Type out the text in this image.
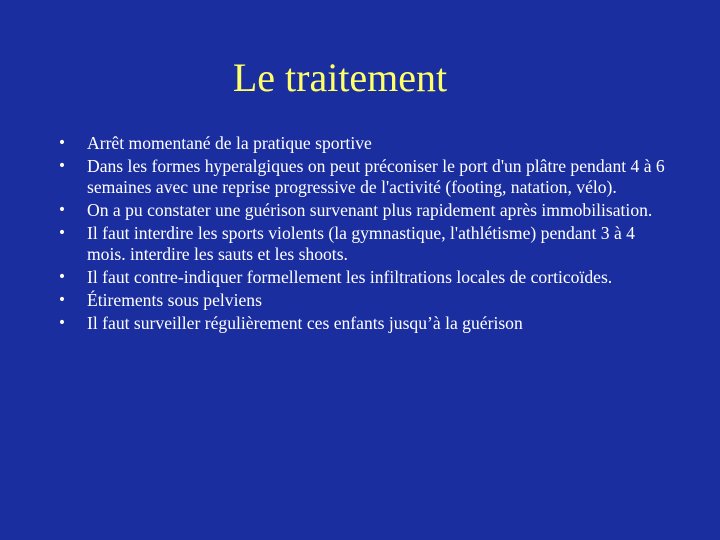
Le traitement
• Arrêt momentané de la pratique sportive
• Dans les formes hyperalgiques on peut préconiser le port d'un plâtre pendant 4 à 6 semaines avec une reprise progressive de l'activité (footing, natation, vélo).
• On a pu constater une guérison survenant plus rapidement après immobilisation.
• Il faut interdire les sports violents (la gymnastique, l'athlétisme) pendant 3 à 4 mois. interdire les sauts et les shoots.
• Il faut contre-indiquer formellement les infiltrations locales de corticoïdes.
• Étirements sous pelviens
• Il faut surveiller régulièrement ces enfants jusqu’à la guérison
